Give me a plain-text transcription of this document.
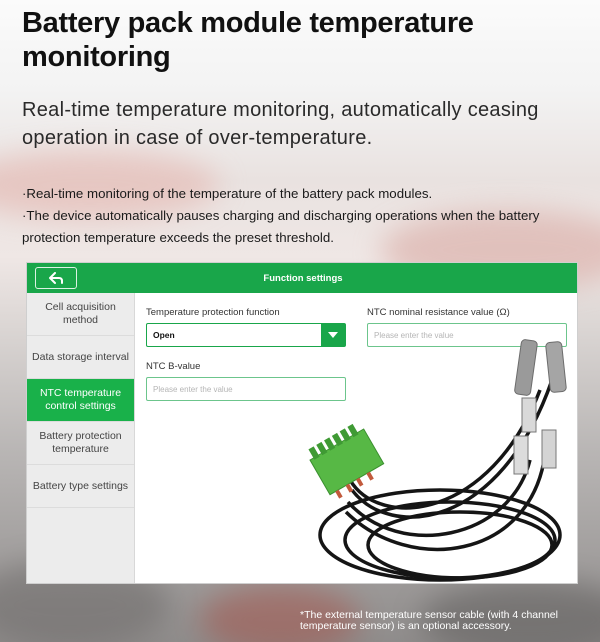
Battery pack module temperature monitoring

Real-time temperature monitoring, automatically ceasing operation in case of over-temperature.

·Real-time monitoring of the temperature of the battery pack modules.
·The device automatically pauses charging and discharging operations when the battery protection temperature exceeds the preset threshold.
Function settings
Cell acquisition method
Data storage interval
NTC temperature control settings
Battery protection temperature
Battery type settings
Temperature protection function
Open
NTC nominal resistance value (Ω)
Please enter the value
NTC B-value
Please enter the value
*The external temperature sensor cable (with 4 channel temperature sensor) is an optional accessory.
